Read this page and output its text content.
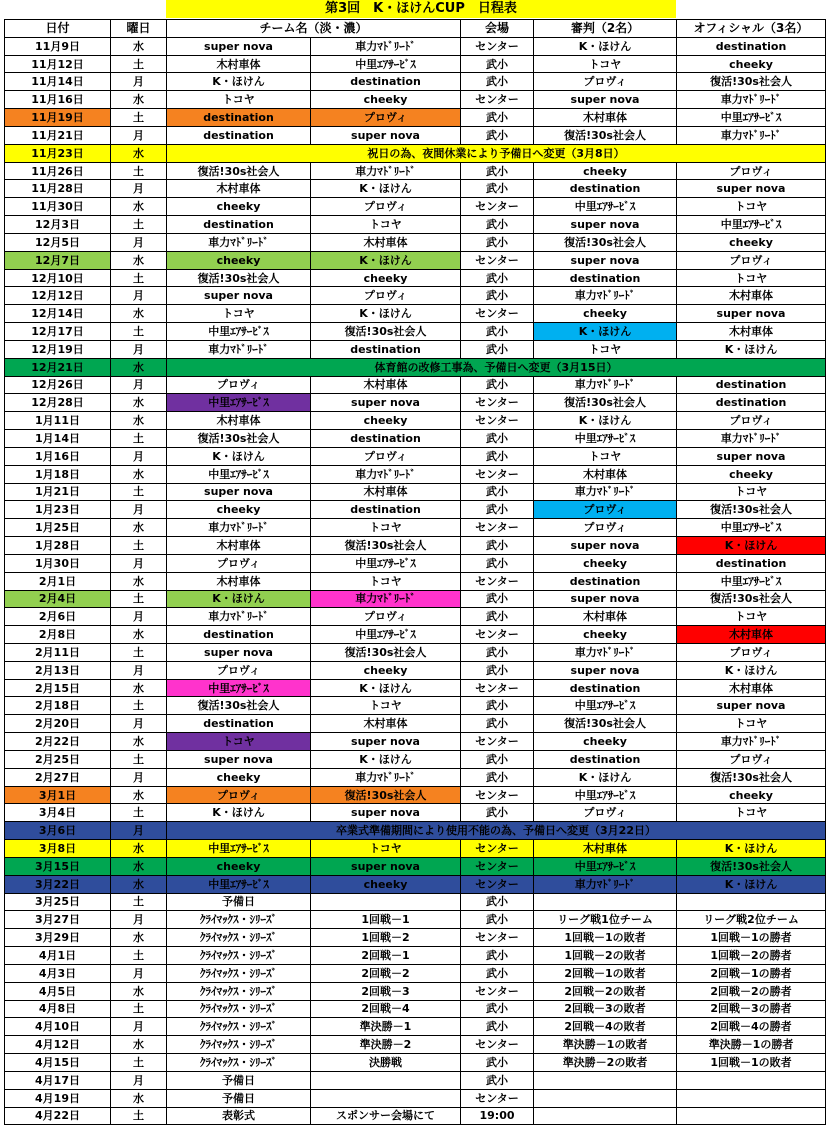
第3回　K・ほけんCUP　日程表
日付	曜日	チーム名（淡・濃）		会場	審判（2名）	オフィシャル（3名）
11月9日	水	super nova	車力ﾏﾄﾞﾘｰﾄﾞ	センター	K・ほけん	destination
11月12日	土	木村車体	中里ｴｱｻｰﾋﾞｽ	武小	トコヤ	cheeky
11月14日	月	K・ほけん	destination	武小	プロヴィ	復活!30s社会人
11月16日	水	トコヤ	cheeky	センター	super nova	車力ﾏﾄﾞﾘｰﾄﾞ
11月19日	土	destination	プロヴィ	武小	木村車体	中里ｴｱｻｰﾋﾞｽ
11月21日	月	destination	super nova	武小	復活!30s社会人	車力ﾏﾄﾞﾘｰﾄﾞ
11月23日	水	祝日の為、夜間休業により予備日へ変更（3月8日）				
11月26日	土	復活!30s社会人	車力ﾏﾄﾞﾘｰﾄﾞ	武小	cheeky	プロヴィ
11月28日	月	木村車体	K・ほけん	武小	destination	super nova
11月30日	水	cheeky	プロヴィ	センター	中里ｴｱｻｰﾋﾞｽ	トコヤ
12月3日	土	destination	トコヤ	武小	super nova	中里ｴｱｻｰﾋﾞｽ
12月5日	月	車力ﾏﾄﾞﾘｰﾄﾞ	木村車体	武小	復活!30s社会人	cheeky
12月7日	水	cheeky	K・ほけん	センター	super nova	プロヴィ
12月10日	土	復活!30s社会人	cheeky	武小	destination	トコヤ
12月12日	月	super nova	プロヴィ	武小	車力ﾏﾄﾞﾘｰﾄﾞ	木村車体
12月14日	水	トコヤ	K・ほけん	センター	cheeky	super nova
12月17日	土	中里ｴｱｻｰﾋﾞｽ	復活!30s社会人	武小	K・ほけん	木村車体
12月19日	月	車力ﾏﾄﾞﾘｰﾄﾞ	destination	武小	トコヤ	K・ほけん
12月21日	水	体育館の改修工事為、予備日へ変更（3月15日）				
12月26日	月	プロヴィ	木村車体	武小	車力ﾏﾄﾞﾘｰﾄﾞ	destination
12月28日	水	中里ｴｱｻｰﾋﾞｽ	super nova	センター	復活!30s社会人	destination
1月11日	水	木村車体	cheeky	センター	K・ほけん	プロヴィ
1月14日	土	復活!30s社会人	destination	武小	中里ｴｱｻｰﾋﾞｽ	車力ﾏﾄﾞﾘｰﾄﾞ
1月16日	月	K・ほけん	プロヴィ	武小	トコヤ	super nova
1月18日	水	中里ｴｱｻｰﾋﾞｽ	車力ﾏﾄﾞﾘｰﾄﾞ	センター	木村車体	cheeky
1月21日	土	super nova	木村車体	武小	車力ﾏﾄﾞﾘｰﾄﾞ	トコヤ
1月23日	月	cheeky	destination	武小	プロヴィ	復活!30s社会人
1月25日	水	車力ﾏﾄﾞﾘｰﾄﾞ	トコヤ	センター	プロヴィ	中里ｴｱｻｰﾋﾞｽ
1月28日	土	木村車体	復活!30s社会人	武小	super nova	K・ほけん
1月30日	月	プロヴィ	中里ｴｱｻｰﾋﾞｽ	武小	cheeky	destination
2月1日	水	木村車体	トコヤ	センター	destination	中里ｴｱｻｰﾋﾞｽ
2月4日	土	K・ほけん	車力ﾏﾄﾞﾘｰﾄﾞ	武小	super nova	復活!30s社会人
2月6日	月	車力ﾏﾄﾞﾘｰﾄﾞ	プロヴィ	武小	木村車体	トコヤ
2月8日	水	destination	中里ｴｱｻｰﾋﾞｽ	センター	cheeky	木村車体
2月11日	土	super nova	復活!30s社会人	武小	車力ﾏﾄﾞﾘｰﾄﾞ	プロヴィ
2月13日	月	プロヴィ	cheeky	武小	super nova	K・ほけん
2月15日	水	中里ｴｱｻｰﾋﾞｽ	K・ほけん	センター	destination	木村車体
2月18日	土	復活!30s社会人	トコヤ	武小	中里ｴｱｻｰﾋﾞｽ	super nova
2月20日	月	destination	木村車体	武小	復活!30s社会人	トコヤ
2月22日	水	トコヤ	super nova	センター	cheeky	車力ﾏﾄﾞﾘｰﾄﾞ
2月25日	土	super nova	K・ほけん	武小	destination	プロヴィ
2月27日	月	cheeky	車力ﾏﾄﾞﾘｰﾄﾞ	武小	K・ほけん	復活!30s社会人
3月1日	水	プロヴィ	復活!30s社会人	センター	中里ｴｱｻｰﾋﾞｽ	cheeky
3月4日	土	K・ほけん	super nova	武小	プロヴィ	トコヤ
3月6日	月	卒業式準備期間により使用不能の為、予備日へ変更（3月22日）				
3月8日	水	中里ｴｱｻｰﾋﾞｽ	トコヤ	センター	木村車体	K・ほけん
3月15日	水	cheeky	super nova	センター	中里ｴｱｻｰﾋﾞｽ	復活!30s社会人
3月22日	水	中里ｴｱｻｰﾋﾞｽ	cheeky	センター	車力ﾏﾄﾞﾘｰﾄﾞ	K・ほけん
3月25日	土	予備日		武小		
3月27日	月	ｸﾗｲﾏｯｸｽ・ｼﾘｰｽﾞ	1回戦－1	武小	リーグ戦1位チーム	リーグ戦2位チーム
3月29日	水	ｸﾗｲﾏｯｸｽ・ｼﾘｰｽﾞ	1回戦－2	センター	1回戦－1の敗者	1回戦－1の勝者
4月1日	土	ｸﾗｲﾏｯｸｽ・ｼﾘｰｽﾞ	2回戦－1	武小	1回戦－2の敗者	1回戦－2の勝者
4月3日	月	ｸﾗｲﾏｯｸｽ・ｼﾘｰｽﾞ	2回戦－2	武小	2回戦－1の敗者	2回戦－1の勝者
4月5日	水	ｸﾗｲﾏｯｸｽ・ｼﾘｰｽﾞ	2回戦－3	センター	2回戦－2の敗者	2回戦－2の勝者
4月8日	土	ｸﾗｲﾏｯｸｽ・ｼﾘｰｽﾞ	2回戦－4	武小	2回戦－3の敗者	2回戦－3の勝者
4月10日	月	ｸﾗｲﾏｯｸｽ・ｼﾘｰｽﾞ	準決勝－1	武小	2回戦－4の敗者	2回戦－4の勝者
4月12日	水	ｸﾗｲﾏｯｸｽ・ｼﾘｰｽﾞ	準決勝－2	センター	準決勝－1の敗者	準決勝－1の勝者
4月15日	土	ｸﾗｲﾏｯｸｽ・ｼﾘｰｽﾞ	決勝戦	武小	準決勝－2の敗者	1回戦－1の敗者
4月17日	月	予備日		武小		
4月19日	水	予備日		センター		
4月22日	土	表彰式	スポンサー会場にて	19:00		
